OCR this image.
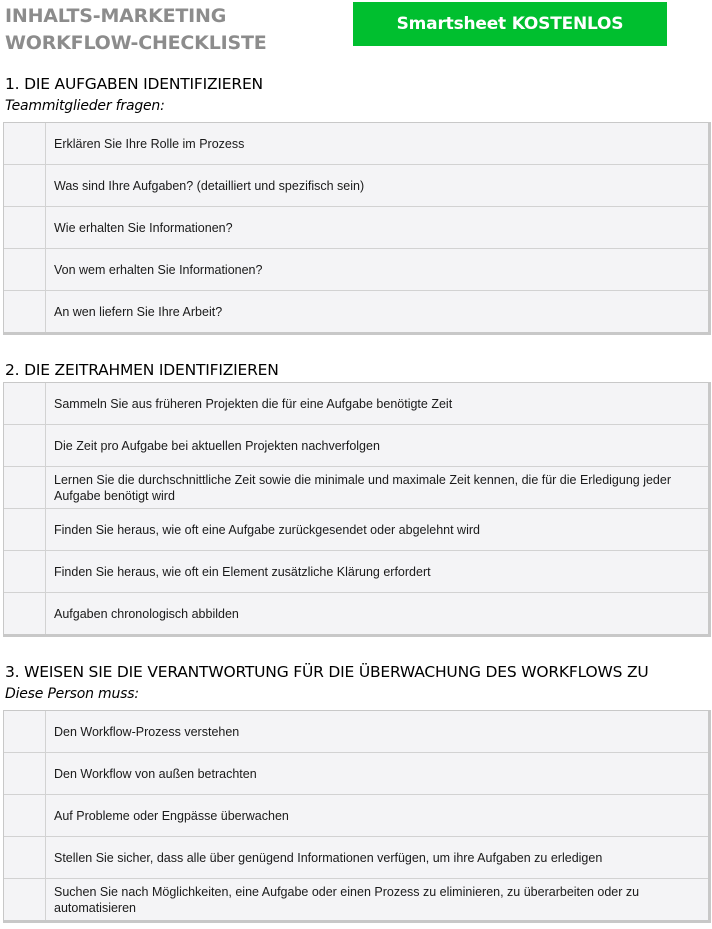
INHALTS-MARKETING
WORKFLOW-CHECKLISTE
Smartsheet KOSTENLOS
1. DIE AUFGABEN IDENTIFIZIEREN
Teammitglieder fragen:
Erklären Sie Ihre Rolle im Prozess
Was sind Ihre Aufgaben? (detailliert und spezifisch sein)
Wie erhalten Sie Informationen?
Von wem erhalten Sie Informationen?
An wen liefern Sie Ihre Arbeit?
2. DIE ZEITRAHMEN IDENTIFIZIEREN
Sammeln Sie aus früheren Projekten die für eine Aufgabe benötigte Zeit
Die Zeit pro Aufgabe bei aktuellen Projekten nachverfolgen
Lernen Sie die durchschnittliche Zeit sowie die minimale und maximale Zeit kennen, die für die Erledigung jeder Aufgabe benötigt wird
Finden Sie heraus, wie oft eine Aufgabe zurückgesendet oder abgelehnt wird
Finden Sie heraus, wie oft ein Element zusätzliche Klärung erfordert
Aufgaben chronologisch abbilden
3. WEISEN SIE DIE VERANTWORTUNG FÜR DIE ÜBERWACHUNG DES WORKFLOWS ZU
Diese Person muss:
Den Workflow-Prozess verstehen
Den Workflow von außen betrachten
Auf Probleme oder Engpässe überwachen
Stellen Sie sicher, dass alle über genügend Informationen verfügen, um ihre Aufgaben zu erledigen
Suchen Sie nach Möglichkeiten, eine Aufgabe oder einen Prozess zu eliminieren, zu überarbeiten oder zu automatisieren
